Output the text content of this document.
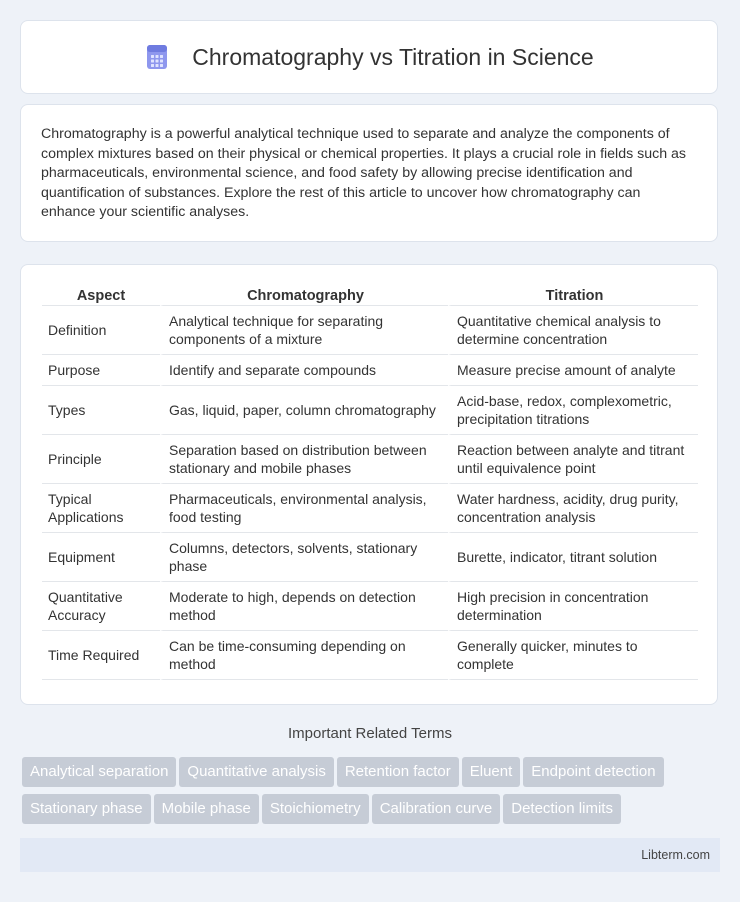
Chromatography vs Titration in Science
Chromatography is a powerful analytical technique used to separate and analyze the components of complex mixtures based on their physical or chemical properties. It plays a crucial role in fields such as pharmaceuticals, environmental science, and food safety by allowing precise identification and quantification of substances. Explore the rest of this article to uncover how chromatography can enhance your scientific analyses.
Aspect	Chromatography	Titration
Definition	Analytical technique for separating components of a mixture	Quantitative chemical analysis to determine concentration
Purpose	Identify and separate compounds	Measure precise amount of analyte
Types	Gas, liquid, paper, column chromatography	Acid-base, redox, complexometric, precipitation titrations
Principle	Separation based on distribution between stationary and mobile phases	Reaction between analyte and titrant until equivalence point
Typical Applications	Pharmaceuticals, environmental analysis, food testing	Water hardness, acidity, drug purity, concentration analysis
Equipment	Columns, detectors, solvents, stationary phase	Burette, indicator, titrant solution
Quantitative Accuracy	Moderate to high, depends on detection method	High precision in concentration determination
Time Required	Can be time-consuming depending on method	Generally quicker, minutes to complete
Important Related Terms
Analytical separation Quantitative analysis Retention factor Eluent Endpoint detection
Stationary phase Mobile phase Stoichiometry Calibration curve Detection limits
Libterm.com
